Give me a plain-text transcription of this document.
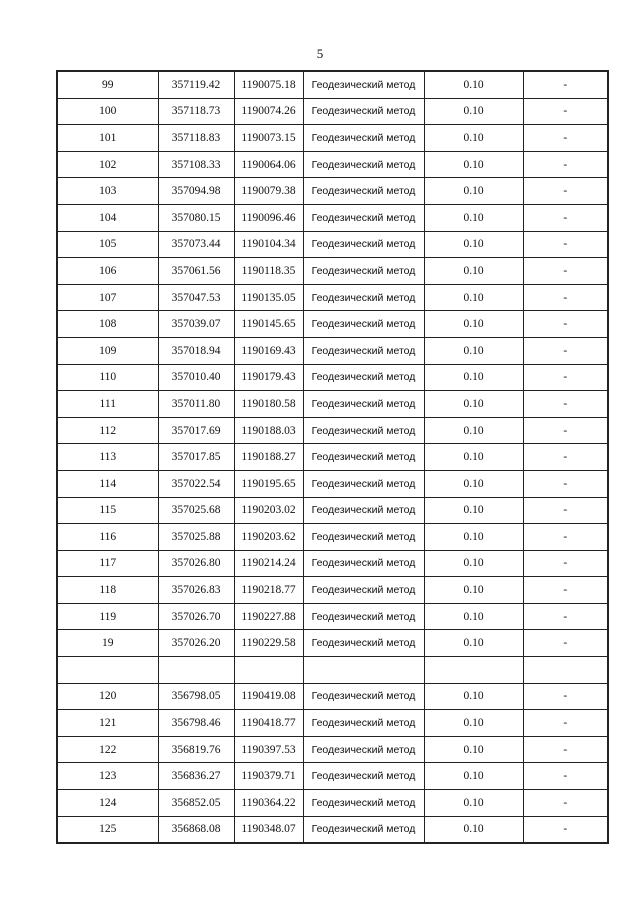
5
99	357119.42	1190075.18	Геодезический метод	0.10	-
100	357118.73	1190074.26	Геодезический метод	0.10	-
101	357118.83	1190073.15	Геодезический метод	0.10	-
102	357108.33	1190064.06	Геодезический метод	0.10	-
103	357094.98	1190079.38	Геодезический метод	0.10	-
104	357080.15	1190096.46	Геодезический метод	0.10	-
105	357073.44	1190104.34	Геодезический метод	0.10	-
106	357061.56	1190118.35	Геодезический метод	0.10	-
107	357047.53	1190135.05	Геодезический метод	0.10	-
108	357039.07	1190145.65	Геодезический метод	0.10	-
109	357018.94	1190169.43	Геодезический метод	0.10	-
110	357010.40	1190179.43	Геодезический метод	0.10	-
111	357011.80	1190180.58	Геодезический метод	0.10	-
112	357017.69	1190188.03	Геодезический метод	0.10	-
113	357017.85	1190188.27	Геодезический метод	0.10	-
114	357022.54	1190195.65	Геодезический метод	0.10	-
115	357025.68	1190203.02	Геодезический метод	0.10	-
116	357025.88	1190203.62	Геодезический метод	0.10	-
117	357026.80	1190214.24	Геодезический метод	0.10	-
118	357026.83	1190218.77	Геодезический метод	0.10	-
119	357026.70	1190227.88	Геодезический метод	0.10	-
19	357026.20	1190229.58	Геодезический метод	0.10	-

120	356798.05	1190419.08	Геодезический метод	0.10	-
121	356798.46	1190418.77	Геодезический метод	0.10	-
122	356819.76	1190397.53	Геодезический метод	0.10	-
123	356836.27	1190379.71	Геодезический метод	0.10	-
124	356852.05	1190364.22	Геодезический метод	0.10	-
125	356868.08	1190348.07	Геодезический метод	0.10	-
